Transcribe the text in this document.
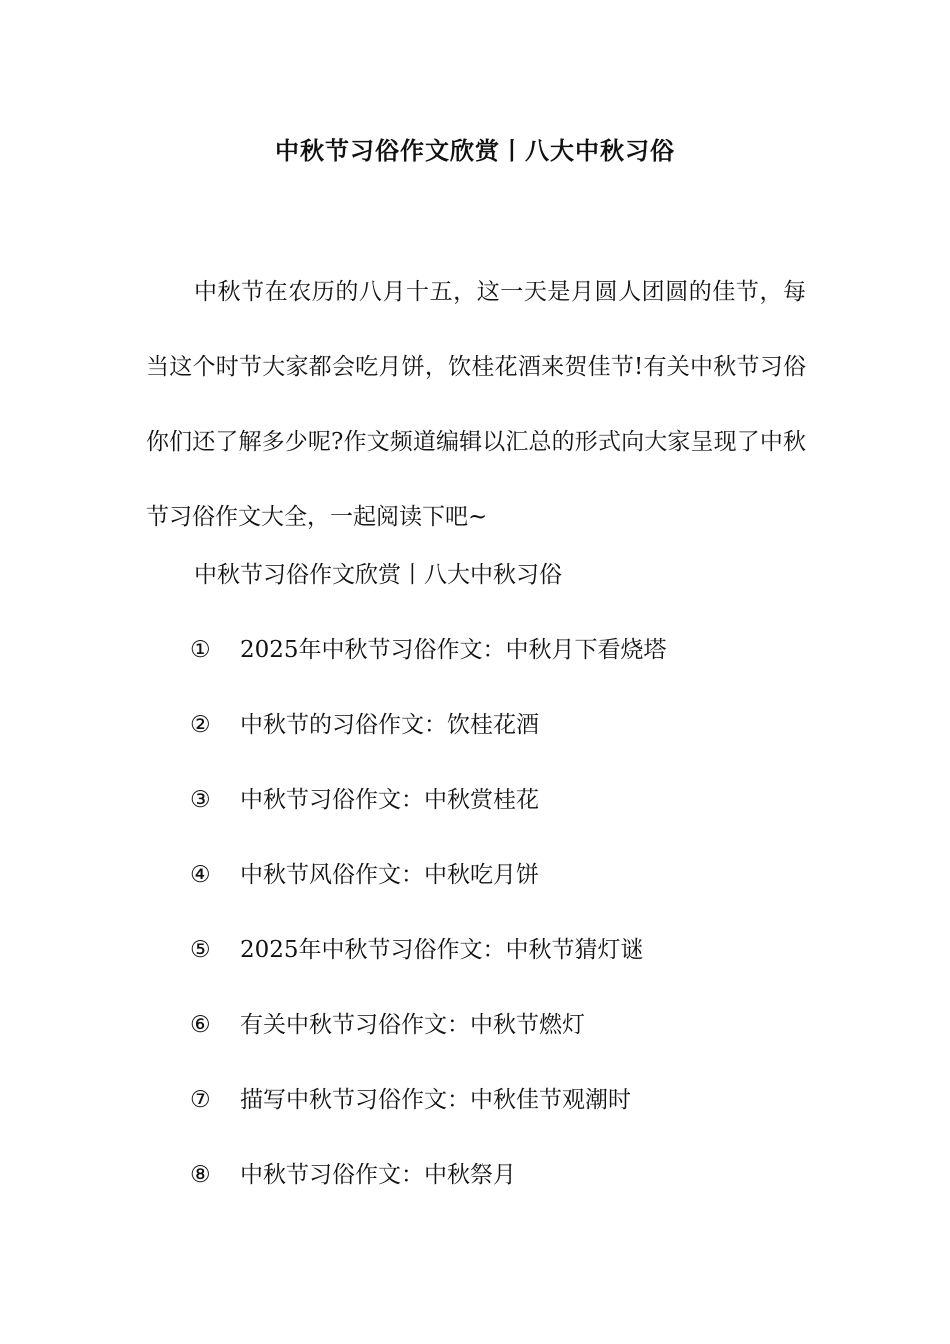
中秋节习俗作文欣赏丨八大中秋习俗

中秋节在农历的八月十五，这一天是月圆人团圆的佳节，每当这个时节大家都会吃月饼，饮桂花酒来贺佳节!有关中秋节习俗你们还了解多少呢?作文频道编辑以汇总的形式向大家呈现了中秋节习俗作文大全，一起阅读下吧~

中秋节习俗作文欣赏丨八大中秋习俗
①	2025年中秋节习俗作文：中秋月下看烧塔
②	中秋节的习俗作文：饮桂花酒
③	中秋节习俗作文：中秋赏桂花
④	中秋节风俗作文：中秋吃月饼
⑤	2025年中秋节习俗作文：中秋节猜灯谜
⑥	有关中秋节习俗作文：中秋节燃灯
⑦	描写中秋节习俗作文：中秋佳节观潮时
⑧	中秋节习俗作文：中秋祭月
